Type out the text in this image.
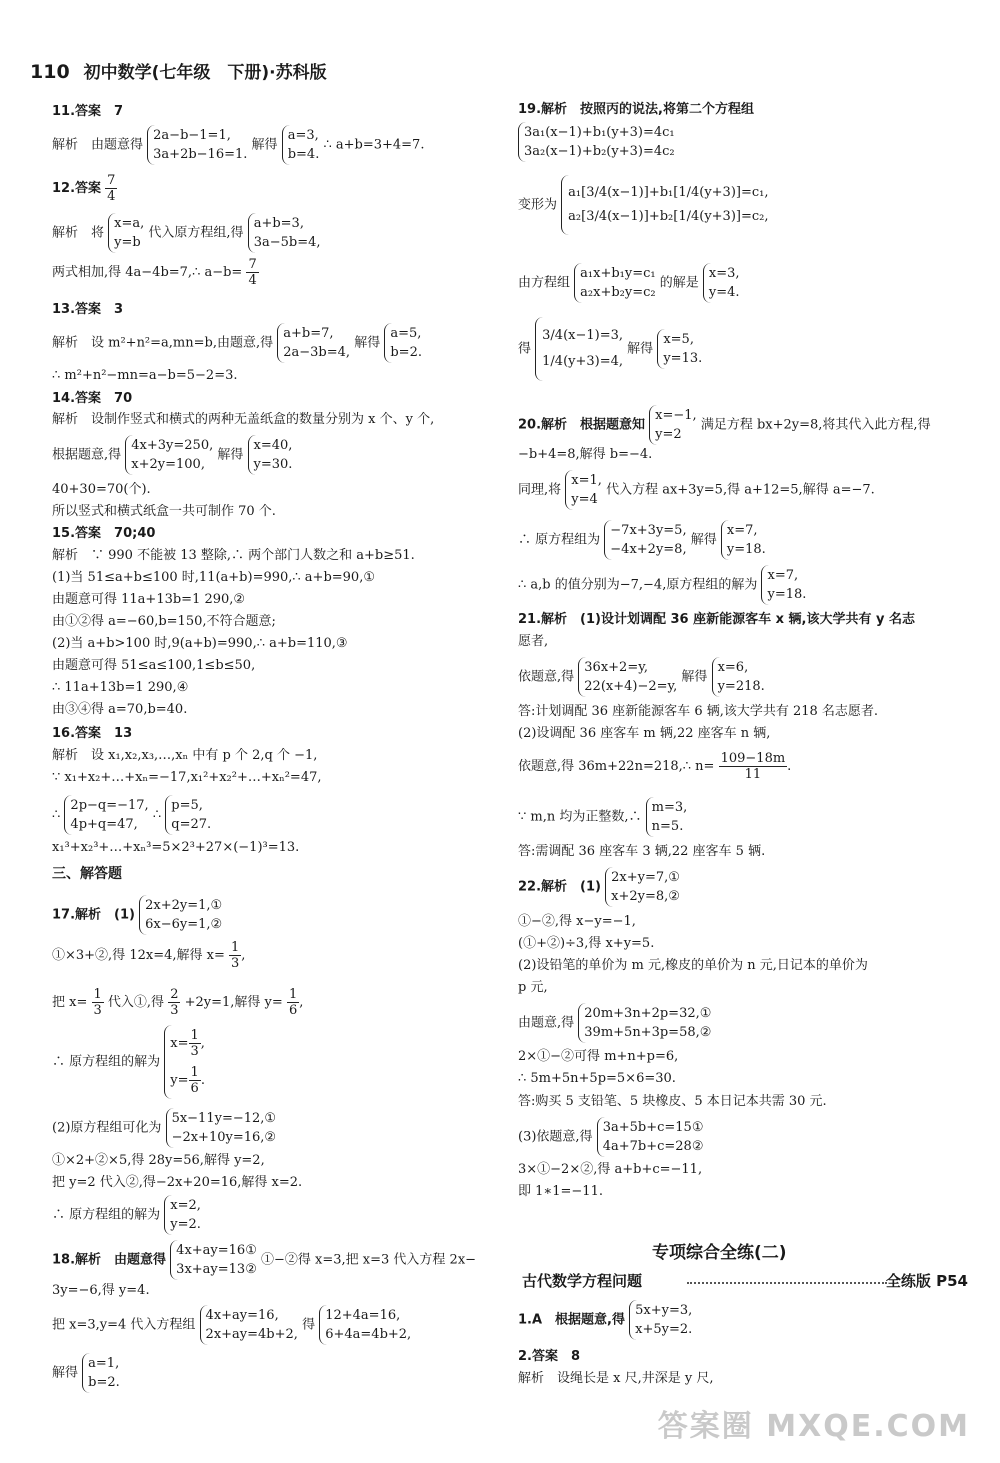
110 初中数学(七年级　下册)·苏科版
11.答案　7
解析　由题意得
2a−b−1=1,
3a+2b−16=1.
解得
a=3,
b=4.
∴ a+b=3+4=7.
12.答案 $\frac{7}{4}$
解析　将
x=a,
y=b
代入原方程组,得
a+b=3,
3a−5b=4,
两式相加,得 4a−4b=7,∴ $a-b= \frac{7}{4}$
13.答案　3
解析　设 m²+n²=a,mn=b,由题意,得
a+b=7,
2a−3b=4,
解得
a=5,
b=2.
∴ m²+n²−mn=a−b=5−2=3.
14.答案　70
解析　设制作竖式和横式的两种无盖纸盒的数量分别为 x 个、y 个,
根据题意,得
4x+3y=250,
x+2y=100,
解得
x=40,
y=30.
40+30=70(个).
所以竖式和横式纸盒一共可制作 70 个.
15.答案　70;40
解析　∵ 990 不能被 13 整除,∴ 两个部门人数之和 a+b≥51.
(1)当 51≤a+b≤100 时,11(a+b)=990,∴ a+b=90,①
由题意可得 11a+13b=1 290,②
由①②得 a=−60,b=150,不符合题意;
(2)当 a+b>100 时,9(a+b)=990,∴ a+b=110,③
由题意可得 51≤a≤100,1≤b≤50,
∴ 11a+13b=1 290,④
由③④得 a=70,b=40.
16.答案　13
解析　设 x₁,x₂,x₃,…,xₙ 中有 p 个 2,q 个 −1,
∵ x₁+x₂+…+xₙ=−17,x₁²+x₂²+…+xₙ²=47,
∴
2p−q=−17,
4p+q=47,
∴
p=5,
q=27.
x₁³+x₂³+…+xₙ³=5×2³+27×(−1)³=13.
三、解答题
17.解析　(1)
2x+2y=1,①
6x−6y=1,②
①×3+②,得 12x=4,解得 $x= \frac{1}{3}$ ,
把 $x= \frac{1}{3}$ 代入①,得 $\frac{2}{3} +2y=1$,解得 $y= \frac{1}{6}$ ,
∴ 原方程组的解为
$x= \frac{1}{3}$ ,
$y= \frac{1}{6}$ .
(2)原方程组可化为
5x−11y=−12,①
−2x+10y=16,②
①×2+②×5,得 28y=56,解得 y=2,
把 y=2 代入②,得−2x+20=16,解得 x=2.
∴ 原方程组的解为
x=2,
y=2.
18.解析　由题意得
4x+ay=16①
3x+ay=13②
①−②得 x=3,把 x=3 代入方程 2x−
3y=−6,得 y=4.
把 x=3,y=4 代入方程组
4x+ay=16,
2x+ay=4b+2,
得
12+4a=16,
6+4a=4b+2,
解得
a=1,
b=2.
19.解析　按照丙的说法,将第二个方程组
3a₁(x−1)+b₁(y+3)=4c₁
3a₂(x−1)+b₂(y+3)=4c₂
变形为
a₁[3/4(x−1)]+b₁[1/4(y+3)]=c₁,
a₂[3/4(x−1)]+b₂[1/4(y+3)]=c₂,
由方程组
a₁x+b₁y=c₁
a₂x+b₂y=c₂
的解是
x=3,
y=4.
得
3/4(x−1)=3,
1/4(y+3)=4,
解得
x=5,
y=13.
20.解析　根据题意知
x=−1,
y=2
满足方程 bx+2y=8,将其代入此方程,得
−b+4=8,解得 b=−4.
同理,将
x=1,
y=4
代入方程 ax+3y=5,得 a+12=5,解得 a=−7.
∴ 原方程组为
−7x+3y=5,
−4x+2y=8,
解得
x=7,
y=18.
∴ a,b 的值分别为−7,−4,原方程组的解为
x=7,
y=18.
21.解析　(1)设计划调配 36 座新能源客车 x 辆,该大学共有 y 名志
愿者,
依题意,得
36x+2=y,
22(x+4)−2=y,
解得
x=6,
y=218.
答:计划调配 36 座新能源客车 6 辆,该大学共有 218 名志愿者.
(2)设调配 36 座客车 m 辆,22 座客车 n 辆,
依题意,得 36m+22n=218,∴ $n= \frac{109-18m}{11}$ .
∵ m,n 均为正整数,∴
m=3,
n=5.
答:需调配 36 座客车 3 辆,22 座客车 5 辆.
22.解析　(1)
2x+y=7,①
x+2y=8,②
①−②,得 x−y=−1,
(①+②)÷3,得 x+y=5.
(2)设铅笔的单价为 m 元,橡皮的单价为 n 元,日记本的单价为
p 元,
由题意,得
20m+3n+2p=32,①
39m+5n+3p=58,②
2×①−②可得 m+n+p=6,
∴ 5m+5n+5p=5×6=30.
答:购买 5 支铅笔、5 块橡皮、5 本日记本共需 30 元.
(3)依题意,得
3a+5b+c=15①
4a+7b+c=28②
3×①−2×②,得 a+b+c=−11,
即 1∗1=−11.
专项综合全练(二)
古代数学方程问题	全练版 P54
1.A　根据题意,得
5x+y=3,
x+5y=2.
2.答案　8
解析　设绳长是 x 尺,井深是 y 尺,
答案圈 MXQE.COM
